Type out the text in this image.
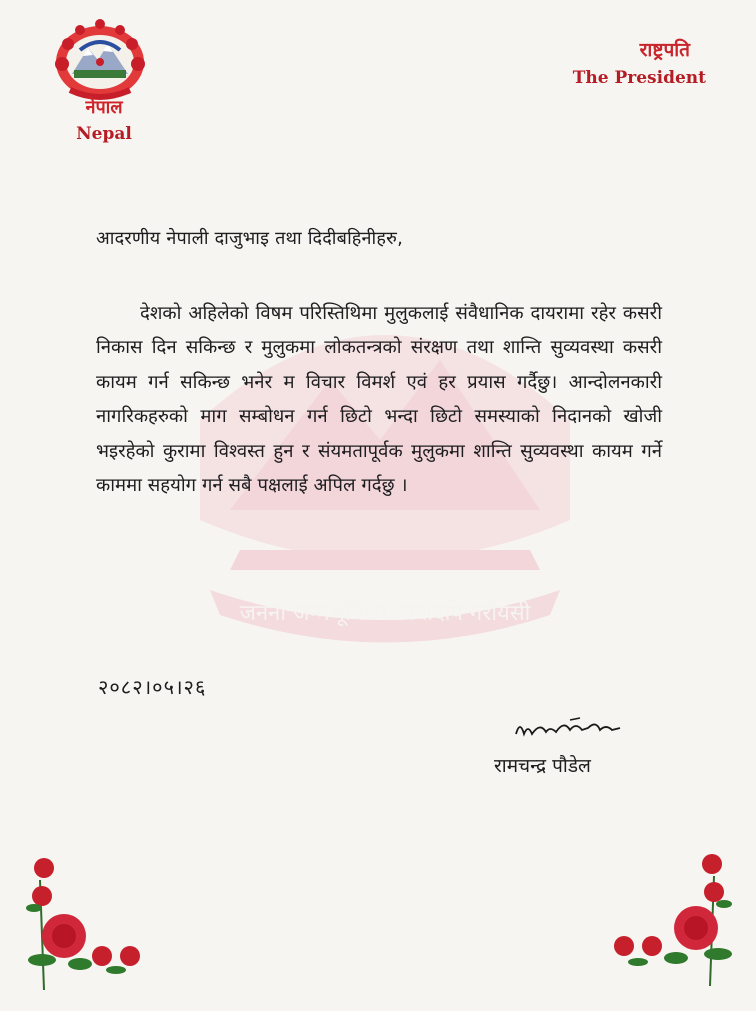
नेपाल
Nepal
राष्ट्रपति
The President
जननी जन्मभूमिश्च स्वर्गादपि गरीयसी
आदरणीय नेपाली दाजुभाइ तथा दिदीबहिनीहरु,
देशको अहिलेको विषम परिस्तिथिमा मुलुकलाई संवैधानिक दायरामा रहेर कसरी निकास दिन सकिन्छ र मुलुकमा लोकतन्त्रको संरक्षण तथा शान्ति सुव्यवस्था कसरी कायम गर्न सकिन्छ भनेर म विचार विमर्श एवं हर प्रयास गर्दैछु। आन्दोलनकारी नागरिकहरुको माग सम्बोधन गर्न छिटो भन्दा छिटो समस्याको निदानको खोजी भइरहेको कुरामा विश्वस्त हुन र संयमतापूर्वक मुलुकमा शान्ति सुव्यवस्था कायम गर्ने काममा सहयोग गर्न सबै पक्षलाई अपिल गर्दछु ।
२०८२।०५।२६
रामचन्द्र पौडेल
